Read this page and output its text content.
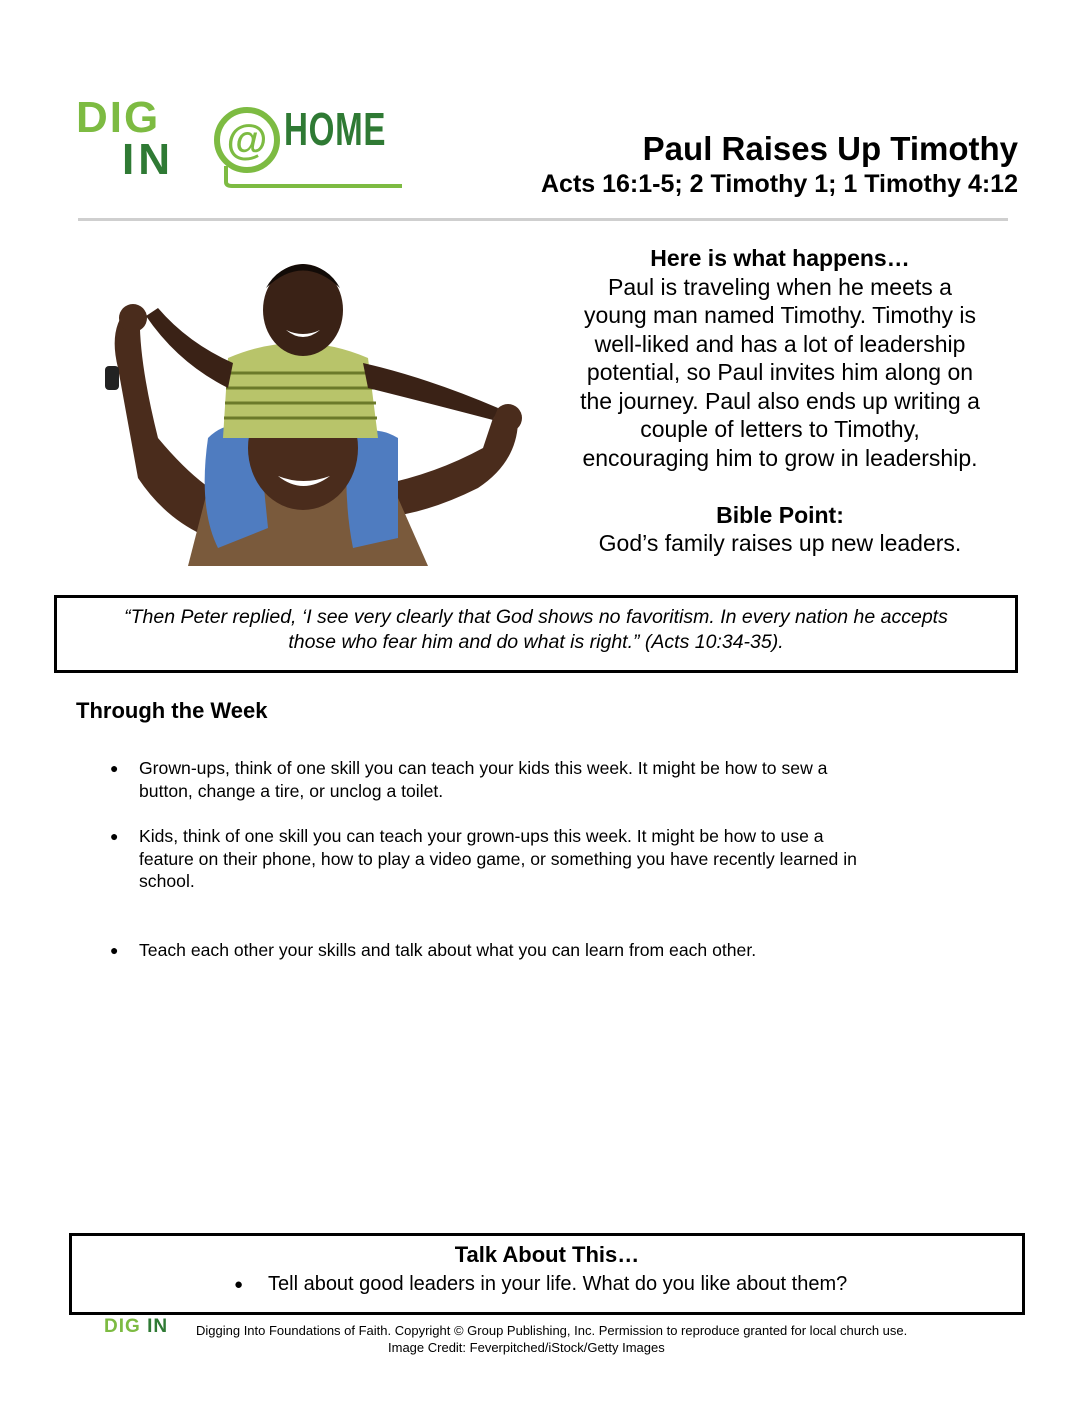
@
DIG
IN
HOME	Paul Raises Up Timothy
Acts 16:1-5; 2 Timothy 1; 1 Timothy 4:12
Here is what happens…
Paul is traveling when he meets a
young man named Timothy. Timothy is
well-liked and has a lot of leadership
potential, so Paul invites him along on
the journey. Paul also ends up writing a
couple of letters to Timothy,
encouraging him to grow in leadership.
Bible Point:
God’s family raises up new leaders.
“Then Peter replied, ‘I see very clearly that God shows no favoritism. In every nation he accepts
those who fear him and do what is right.” (Acts 10:34-35).
Through the Week
● Grown-ups, think of one skill you can teach your kids this week. It might be how to sew a
button, change a tire, or unclog a toilet.
● Kids, think of one skill you can teach your grown-ups this week. It might be how to use a
feature on their phone, how to play a video game, or something you have recently learned in
school.
● Teach each other your skills and talk about what you can learn from each other.
Talk About This…
● Tell about good leaders in your life. What do you like about them?
DIG IN Digging Into Foundations of Faith. Copyright © Group Publishing, Inc. Permission to reproduce granted for local church use.
Image Credit: Feverpitched/iStock/Getty Images
